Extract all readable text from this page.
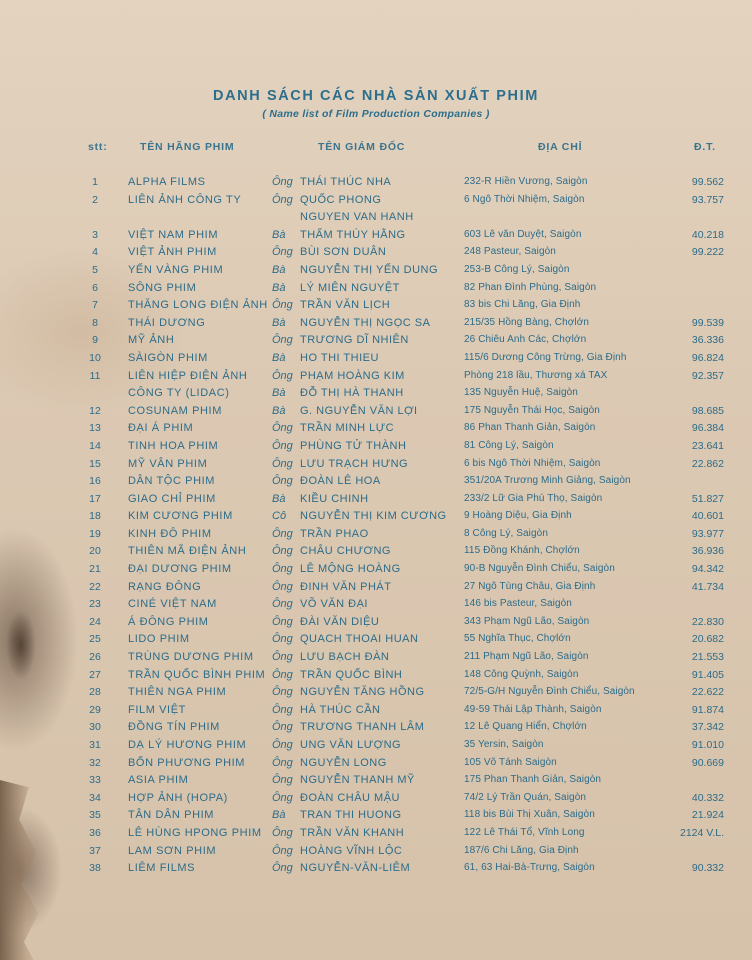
DANH SÁCH CÁC NHÀ SẢN XUẤT PHIM
( Name list of Film Production Companies )
stt:	TÊN HÃNG PHIM	TÊN GIÁM ĐỐC	ĐỊA CHỈ	Đ.T.
1	ALPHA FILMS	Ông THÁI THÚC NHA	232-R Hiền Vương, Saigòn	99.562
2	LIÊN ẢNH CÔNG TY	Ông QUỐC PHONG	6 Ngô Thời Nhiệm, Saigòn	93.757
NGUYEN VAN HANH
3	VIỆT NAM PHIM	Bà THẨM THÚY HẰNG	603 Lê văn Duyệt, Saigòn	40.218
4	VIỆT ẢNH PHIM	Ông BÙI SƠN DUÂN	248 Pasteur, Saigòn	99.222
5	YẾN VÀNG PHIM	Bà NGUYỄN THỊ YẾN DUNG	253-B Công Lý, Saigòn
6	SÔNG PHIM	Bà LÝ MIÊN NGUYỆT	82 Phan Đình Phùng, Saigòn
7	THĂNG LONG ĐIỆN ẢNH Ông TRẦN VĂN LỊCH	83 bis Chi Lăng, Gia Định
8	THÁI DƯƠNG	Bà NGUYỄN THỊ NGỌC SA	215/35 Hồng Bàng, Chợlớn	99.539
9	MỸ ẢNH	Ông TRƯƠNG DĨ NHIÊN	26 Chiêu Anh Các, Chợlớn	36.336
10	SÀIGÒN PHIM	Bà HO THI THIEU	115/6 Dương Công Trừng, Gia Định	96.824
11	LIÊN HIỆP ĐIỆN ẢNH Ông PHẠM HOÀNG KIM	Phòng 218 lầu, Thương xá TAX	92.357
CÔNG TY (LIDAC)	Bà ĐỖ THỊ HÀ THANH	135 Nguyễn Huệ, Saigòn
12	COSUNAM PHIM	Bà G. NGUYỄN VĂN LỢI	175 Nguyễn Thái Học, Saigòn	98.685
13	ĐẠI Á PHIM	Ông TRẦN MINH LỰC	86 Phan Thanh Giản, Saigòn	96.384
14	TINH HOA PHIM	Ông PHÙNG TỬ THÀNH	81 Công Lý, Saigòn	23.641
15	MỸ VÂN PHIM	Ông LƯU TRẠCH HƯNG	6 bis Ngô Thời Nhiệm, Saigòn	22.862
16	DÂN TỘC PHIM	Ông ĐOÀN LÊ HOA	351/20A Trương Minh Giảng, Saigòn
17	GIAO CHỈ PHIM	Bà KIỀU CHINH	233/2 Lữ Gia Phú Thọ, Saigòn	51.827
18	KIM CƯƠNG PHIM	Cô NGUYỄN THỊ KIM CƯƠNG 9 Hoàng Diệu, Gia Định	40.601
19	KINH ĐÔ PHIM	Ông TRẦN PHAO	8 Công Lý, Saigòn	93.977
20	THIÊN MÃ ĐIỆN ẢNH Ông CHÂU CHƯƠNG	115 Đồng Khánh, Chợlớn	36.936
21	ĐẠI DƯƠNG PHIM	Ông LÊ MỘNG HOÀNG	90-B Nguyễn Đình Chiểu, Saigòn	94.342
22	RẠNG ĐÔNG	Ông ĐINH VĂN PHÁT	27 Ngô Tùng Châu, Gia Định	41.734
23	CINÉ VIỆT NAM	Ông VÕ VĂN ĐẠI	146 bis Pasteur, Saigòn
24	Á ĐÔNG PHIM	Ông ĐÀI VĂN DIỆU	343 Phạm Ngũ Lão, Saigòn	22.830
25	LIDO PHIM	Ông QUACH THOAI HUAN	55 Nghĩa Thục, Chợlớn	20.682
26	TRÙNG DƯƠNG PHIM Ông LƯU BẠCH ĐÀN	211 Phạm Ngũ Lão, Saigòn	21.553
27	TRẦN QUỐC BÌNH PHIM Ông TRẦN QUỐC BÌNH	148 Công Quỳnh, Saigòn	91.405
28	THIÊN NGA PHIM	Ông NGUYỄN TĂNG HỒNG	72/5-G/H Nguyễn Đình Chiểu, Saigòn	22.622
29	FILM VIỆT	Ông HÀ THÚC CẦN	49-59 Thái Lập Thành, Saigòn	91.874
30	ĐỒNG TÍN PHIM	Ông TRƯƠNG THANH LÂM	12 Lê Quang Hiển, Chợlớn	37.342
31	DẠ LÝ HƯƠNG PHIM Ông UNG VĂN LƯỢNG	35 Yersin, Saigòn	91.010
32	BỐN PHƯƠNG PHIM Ông NGUYỄN LONG	105 Võ Tánh Saigòn	90.669
33	ASIA PHIM	Ông NGUYỄN THANH MỸ	175 Phan Thanh Giản, Saigòn
34	HỢP ẢNH (HOPA)	Ông ĐOÀN CHÂU MẬU	74/2 Lý Trần Quán, Saigòn	40.332
35	TÂN DÂN PHIM	Bà TRAN THI HUONG	118 bis Bùi Thị Xuân, Saigòn	21.924
36	LÊ HÙNG HPONG PHIM Ông TRẦN VĂN KHANH	122 Lê Thái Tổ, Vĩnh Long	2124 V.L.
37	LAM SƠN PHIM	Ông HOÀNG VĨNH LỘC	187/6 Chi Lăng, Gia Định
38	LIÊM FILMS	Ông NGUYỄN-VĂN-LIÊM	61, 63 Hai-Bà-Trưng, Saigòn	90.332
